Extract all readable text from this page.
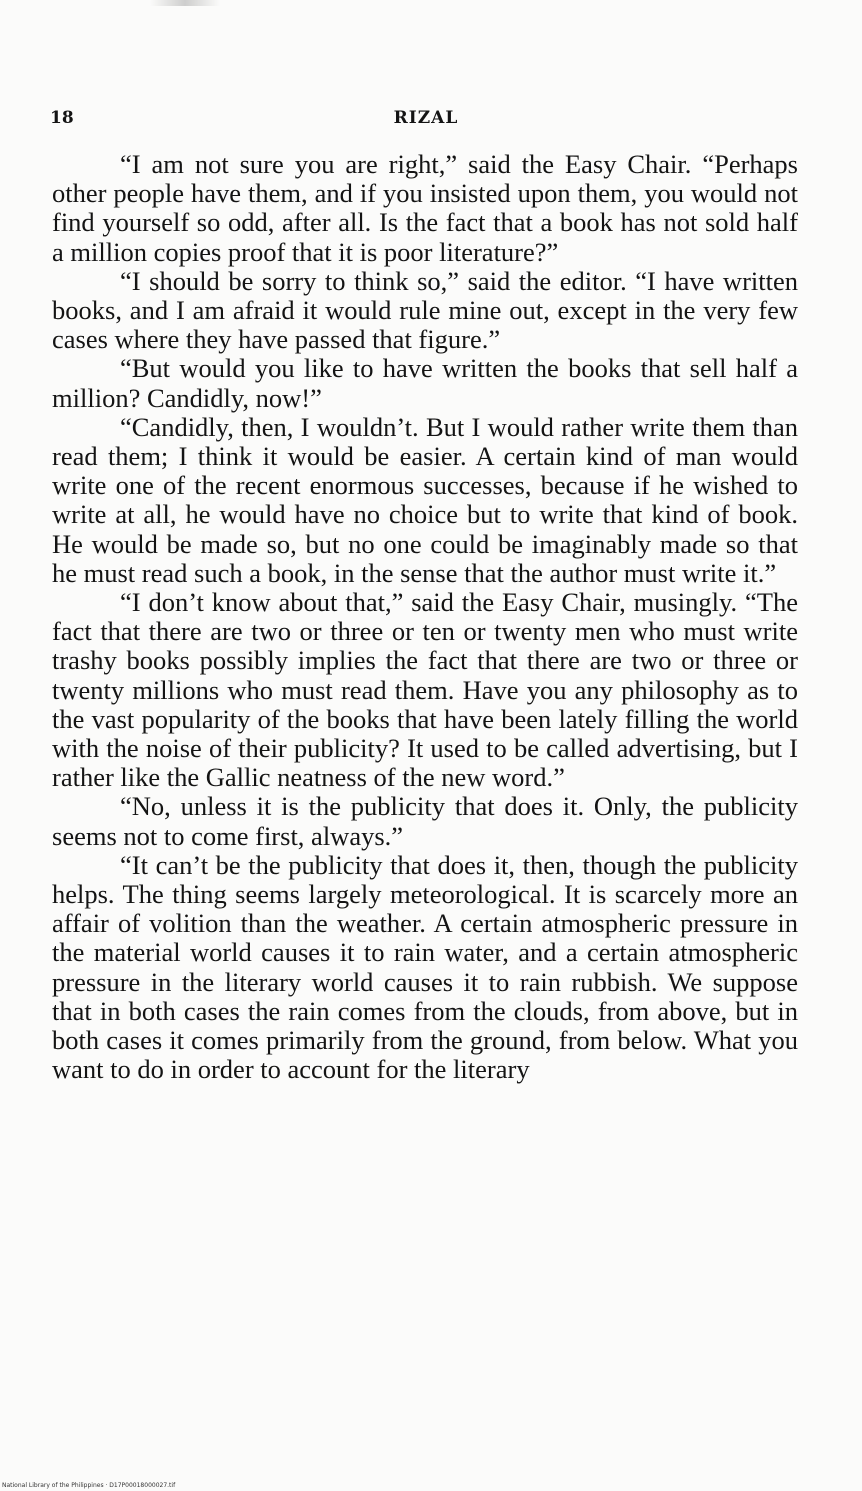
18	RIZAL

“I am not sure you are right,” said the Easy Chair. “Perhaps other people have them, and if you insisted upon them, you would not find yourself so odd, after all. Is the fact that a book has not sold half a million copies proof that it is poor literature?”

“I should be sorry to think so,” said the editor. “I have written books, and I am afraid it would rule mine out, except in the very few cases where they have passed that figure.”

“But would you like to have written the books that sell half a million? Candidly, now!”

“Candidly, then, I wouldn’t. But I would rather write them than read them; I think it would be easier. A certain kind of man would write one of the recent enormous successes, because if he wished to write at all, he would have no choice but to write that kind of book. He would be made so, but no one could be imaginably made so that he must read such a book, in the sense that the author must write it.”

“I don’t know about that,” said the Easy Chair, musingly. “The fact that there are two or three or ten or twenty men who must write trashy books possibly implies the fact that there are two or three or twenty millions who must read them. Have you any philosophy as to the vast popularity of the books that have been lately filling the world with the noise of their publicity? It used to be called advertising, but I rather like the Gallic neatness of the new word.”

“No, unless it is the publicity that does it. Only, the publicity seems not to come first, always.”

“It can’t be the publicity that does it, then, though the publicity helps. The thing seems largely meteorological. It is scarcely more an affair of volition than the weather. A certain atmospheric pressure in the material world causes it to rain water, and a certain atmospheric pressure in the literary world causes it to rain rubbish. We suppose that in both cases the rain comes from the clouds, from above, but in both cases it comes primarily from the ground, from below. What you want to do in order to account for the literary

National Library of the Philippines · D17P00018000027.tif
